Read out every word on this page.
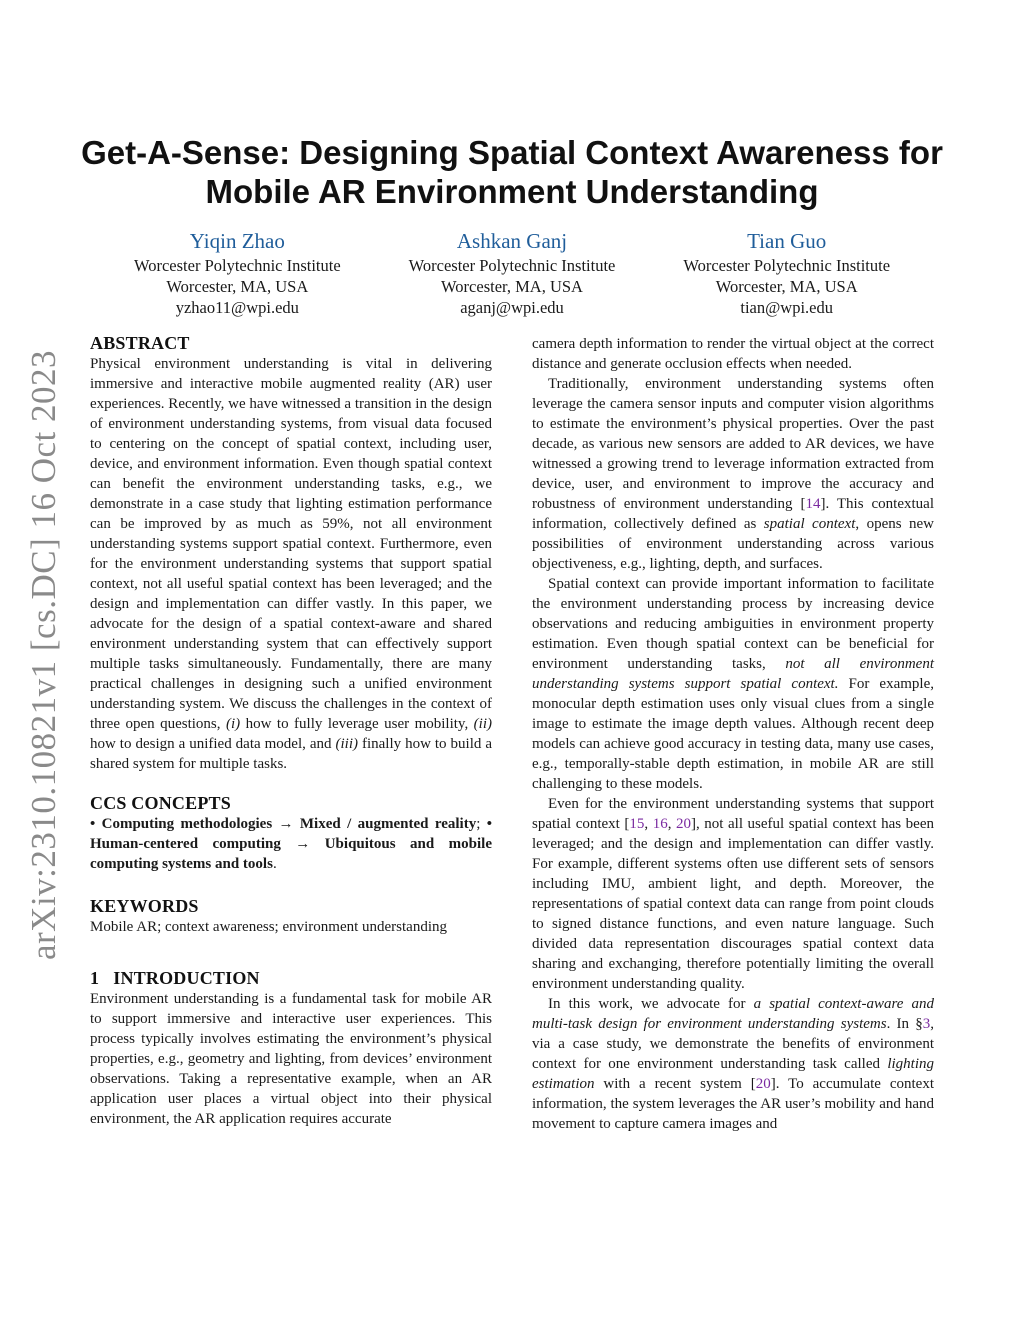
arXiv:2310.10821v1 [cs.DC] 16 Oct 2023
Get-A-Sense: Designing Spatial Context Awareness for
Mobile AR Environment Understanding
Yiqin Zhao
Worcester Polytechnic Institute
Worcester, MA, USA
yzhao11@wpi.edu
Ashkan Ganj
Worcester Polytechnic Institute
Worcester, MA, USA
aganj@wpi.edu
Tian Guo
Worcester Polytechnic Institute
Worcester, MA, USA
tian@wpi.edu
ABSTRACT

Physical environment understanding is vital in delivering immersive and interactive mobile augmented reality (AR) user experiences. Recently, we have witnessed a transition in the design of environment understanding systems, from visual data focused to centering on the concept of spatial context, including user, device, and environment information. Even though spatial context can benefit the environment understanding tasks, e.g., we demonstrate in a case study that lighting estimation performance can be improved by as much as 59%, not all environment understanding systems support spatial context. Furthermore, even for the environment understanding systems that support spatial context, not all useful spatial context has been leveraged; and the design and implementation can differ vastly. In this paper, we advocate for the design of a spatial context-aware and shared environment understanding system that can effectively support multiple tasks simultaneously. Fundamentally, there are many practical challenges in designing such a unified environment understanding system. We discuss the challenges in the context of three open questions, (i) how to fully leverage user mobility, (ii) how to design a unified data model, and (iii) finally how to build a shared system for multiple tasks.

CCS CONCEPTS

• Computing methodologies → Mixed / augmented reality; • Human-centered computing → Ubiquitous and mobile computing systems and tools.

KEYWORDS

Mobile AR; context awareness; environment understanding

1   INTRODUCTION

Environment understanding is a fundamental task for mobile AR to support immersive and interactive user experiences. This process typically involves estimating the environment’s physical properties, e.g., geometry and lighting, from devices’ environment observations. Taking a representative example, when an AR application user places a virtual object into their physical environment, the AR application requires accurate

camera depth information to render the virtual object at the correct distance and generate occlusion effects when needed.

Traditionally, environment understanding systems often leverage the camera sensor inputs and computer vision algorithms to estimate the environment’s physical properties. Over the past decade, as various new sensors are added to AR devices, we have witnessed a growing trend to leverage information extracted from device, user, and environment to improve the accuracy and robustness of environment understanding [14]. This contextual information, collectively defined as spatial context, opens new possibilities of environment understanding across various objectiveness, e.g., lighting, depth, and surfaces.

Spatial context can provide important information to facilitate the environment understanding process by increasing device observations and reducing ambiguities in environment property estimation. Even though spatial context can be beneficial for environment understanding tasks, not all environment understanding systems support spatial context. For example, monocular depth estimation uses only visual clues from a single image to estimate the image depth values. Although recent deep models can achieve good accuracy in testing data, many use cases, e.g., temporally-stable depth estimation, in mobile AR are still challenging to these models.

Even for the environment understanding systems that support spatial context [15, 16, 20], not all useful spatial context has been leveraged; and the design and implementation can differ vastly. For example, different systems often use different sets of sensors including IMU, ambient light, and depth. Moreover, the representations of spatial context data can range from point clouds to signed distance functions, and even nature language. Such divided data representation discourages spatial context data sharing and exchanging, therefore potentially limiting the overall environment understanding quality.

In this work, we advocate for a spatial context-aware and multi-task design for environment understanding systems. In §3, via a case study, we demonstrate the benefits of environment context for one environment understanding task called lighting estimation with a recent system [20]. To accumulate context information, the system leverages the AR user’s mobility and hand movement to capture camera images and
